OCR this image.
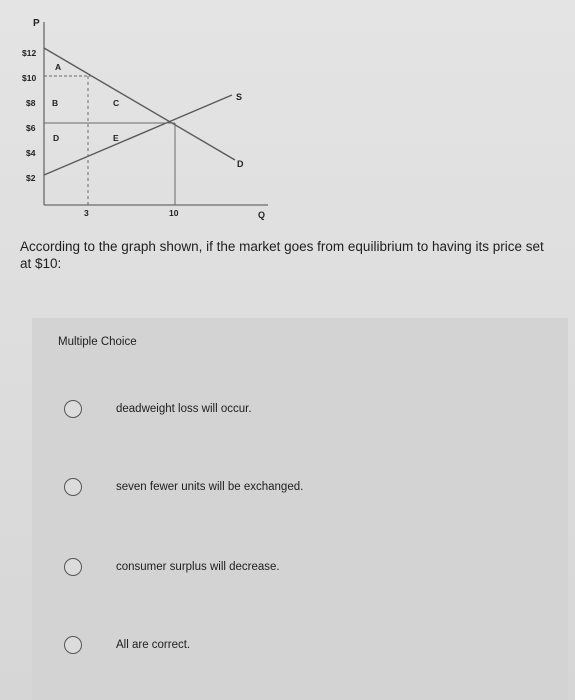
P
Q
$12
$10
$8
$6
$4
$2
S
D
A
B	C
D	E
3	10
According to the graph shown, if the market goes from equilibrium to having its price set at $10:
Multiple Choice
deadweight loss will occur.
seven fewer units will be exchanged.
consumer surplus will decrease.
All are correct.
